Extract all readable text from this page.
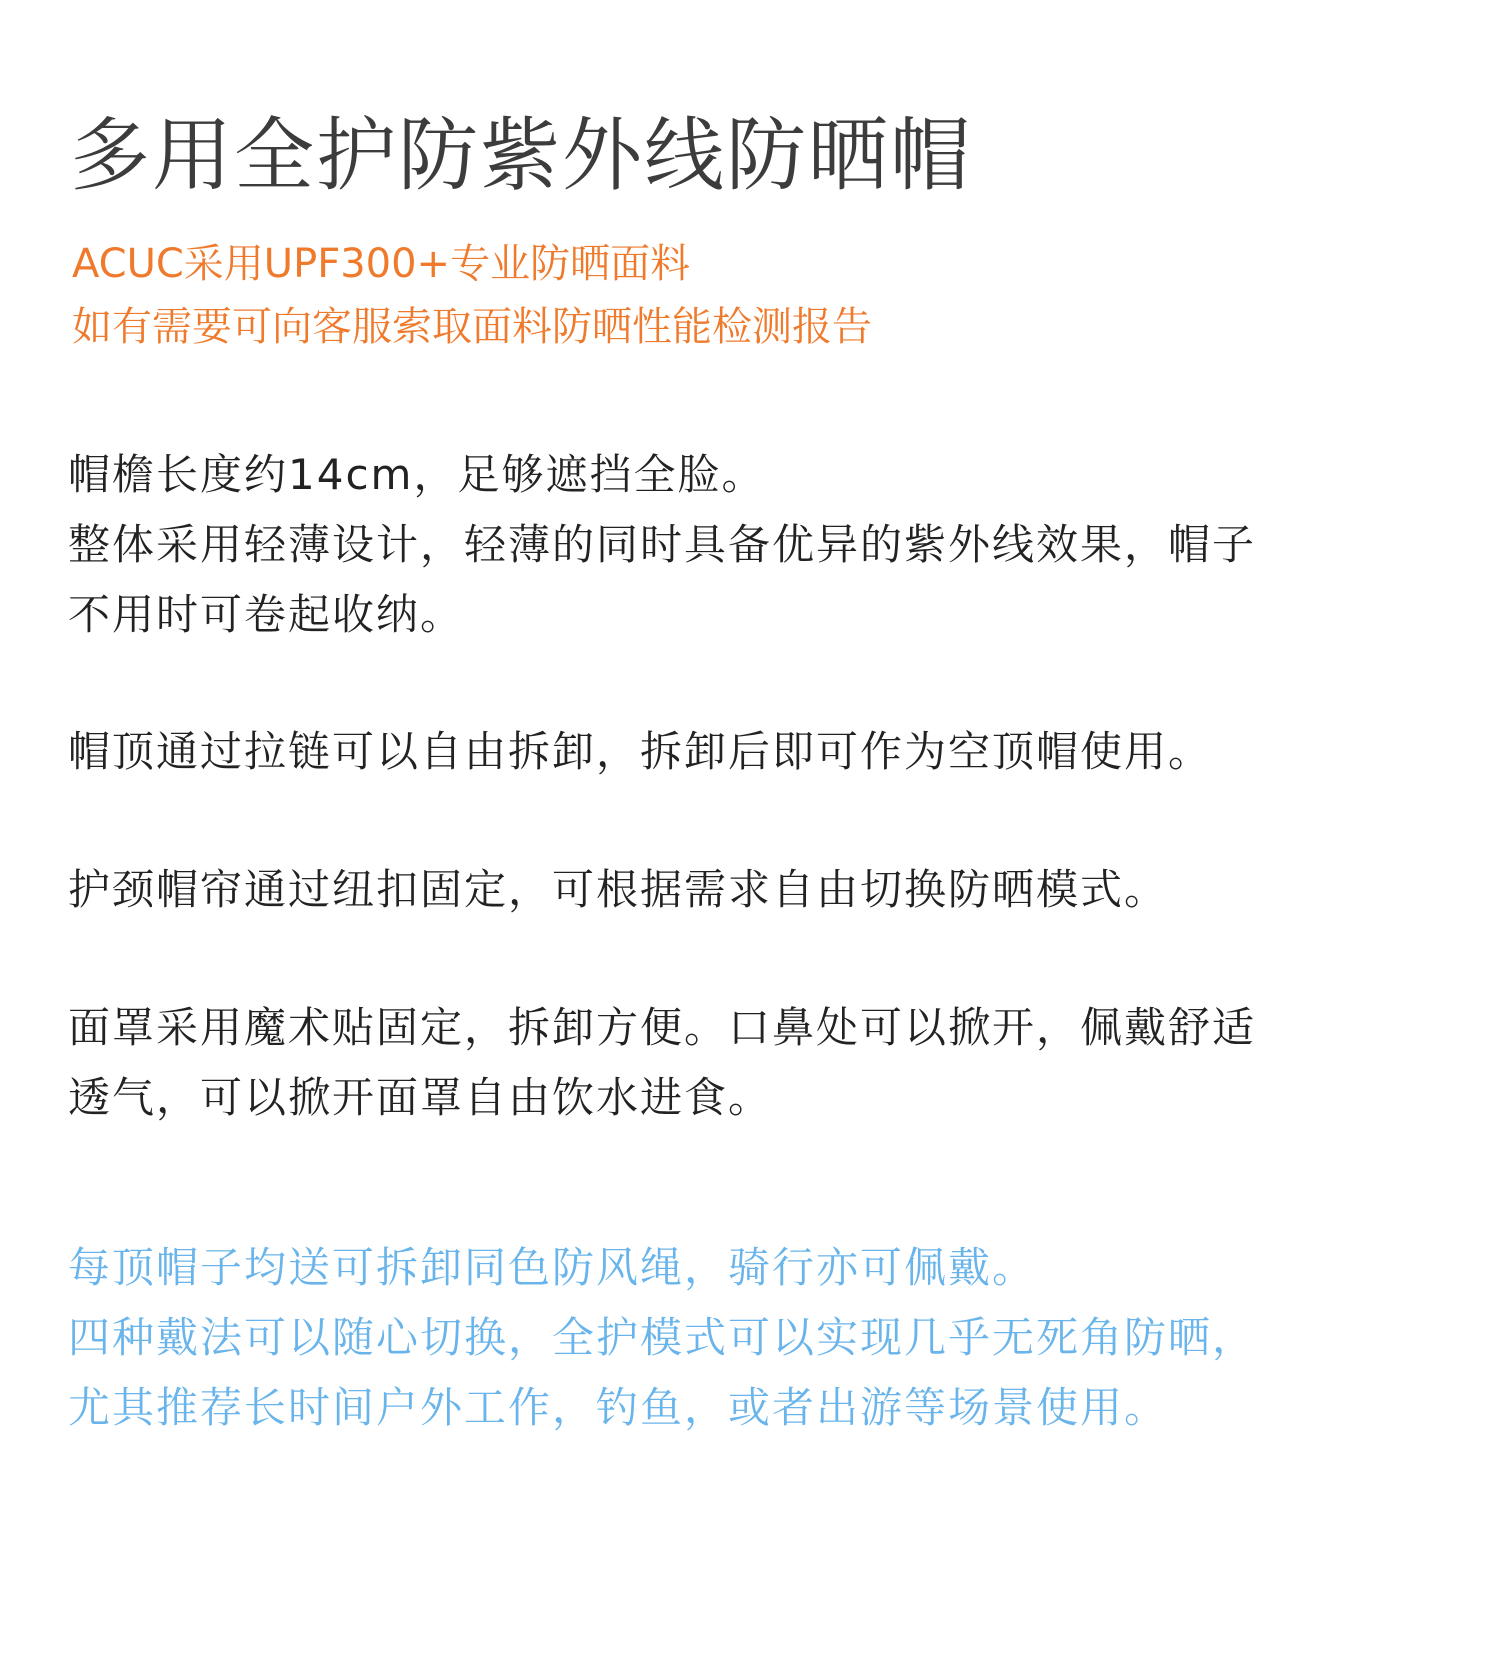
多用全护防紫外线防晒帽
ACUC采用UPF300+专业防晒面料
如有需要可向客服索取面料防晒性能检测报告
帽檐长度约14cm，足够遮挡全脸。
整体采用轻薄设计，轻薄的同时具备优异的紫外线效果，帽子
不用时可卷起收纳。
帽顶通过拉链可以自由拆卸，拆卸后即可作为空顶帽使用。
护颈帽帘通过纽扣固定，可根据需求自由切换防晒模式。
面罩采用魔术贴固定，拆卸方便。口鼻处可以掀开，佩戴舒适
透气，可以掀开面罩自由饮水进食。
每顶帽子均送可拆卸同色防风绳，骑行亦可佩戴。
四种戴法可以随心切换，全护模式可以实现几乎无死角防晒，
尤其推荐长时间户外工作，钓鱼，或者出游等场景使用。
